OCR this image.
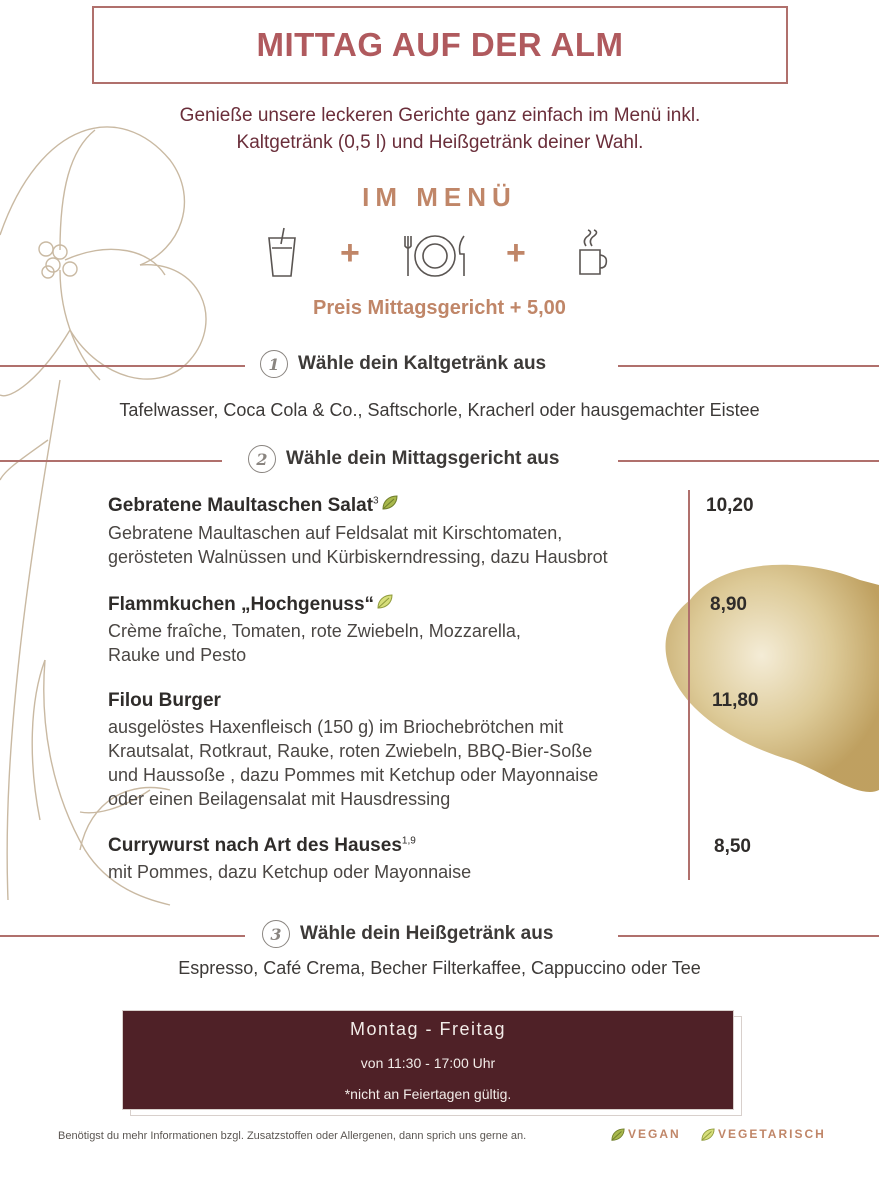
MITTAG AUF DER ALM
Genieße unsere leckeren Gerichte ganz einfach im Menü inkl.
Kaltgetränk (0,5 l) und Heißgetränk deiner Wahl.
IM MENÜ
+	+
Preis Mittagsgericht + 5,00
1 Wähle dein Kaltgetränk aus
Tafelwasser, Coca Cola & Co., Saftschorle, Kracherl oder hausgemachter Eistee
2 Wähle dein Mittagsgericht aus
Gebratene Maultaschen Salat$^3$
Gebratene Maultaschen auf Feldsalat mit Kirschtomaten,
gerösteten Walnüssen und Kürbiskerndressing, dazu Hausbrot
10,20
Flammkuchen „Hochgenuss“
Crème fraîche, Tomaten, rote Zwiebeln, Mozzarella,
Rauke und Pesto
8,90
Filou Burger
ausgelöstes Haxenfleisch (150 g) im Briochebrötchen mit
Krautsalat, Rotkraut, Rauke, roten Zwiebeln, BBQ-Bier-Soße
und Haussoße , dazu Pommes mit Ketchup oder Mayonnaise
oder einen Beilagensalat mit Hausdressing
11,80
Currywurst nach Art des Hauses$^{1,9}$
mit Pommes, dazu Ketchup oder Mayonnaise
8,50
3 Wähle dein Heißgetränk aus
Espresso, Café Crema, Becher Filterkaffee, Cappuccino oder Tee
Montag - Freitag
von 11:30 - 17:00 Uhr
*nicht an Feiertagen gültig.
Benötigst du mehr Informationen bzgl. Zusatzstoffen oder Allergenen, dann sprich uns gerne an.	VEGAN	VEGETARISCH
